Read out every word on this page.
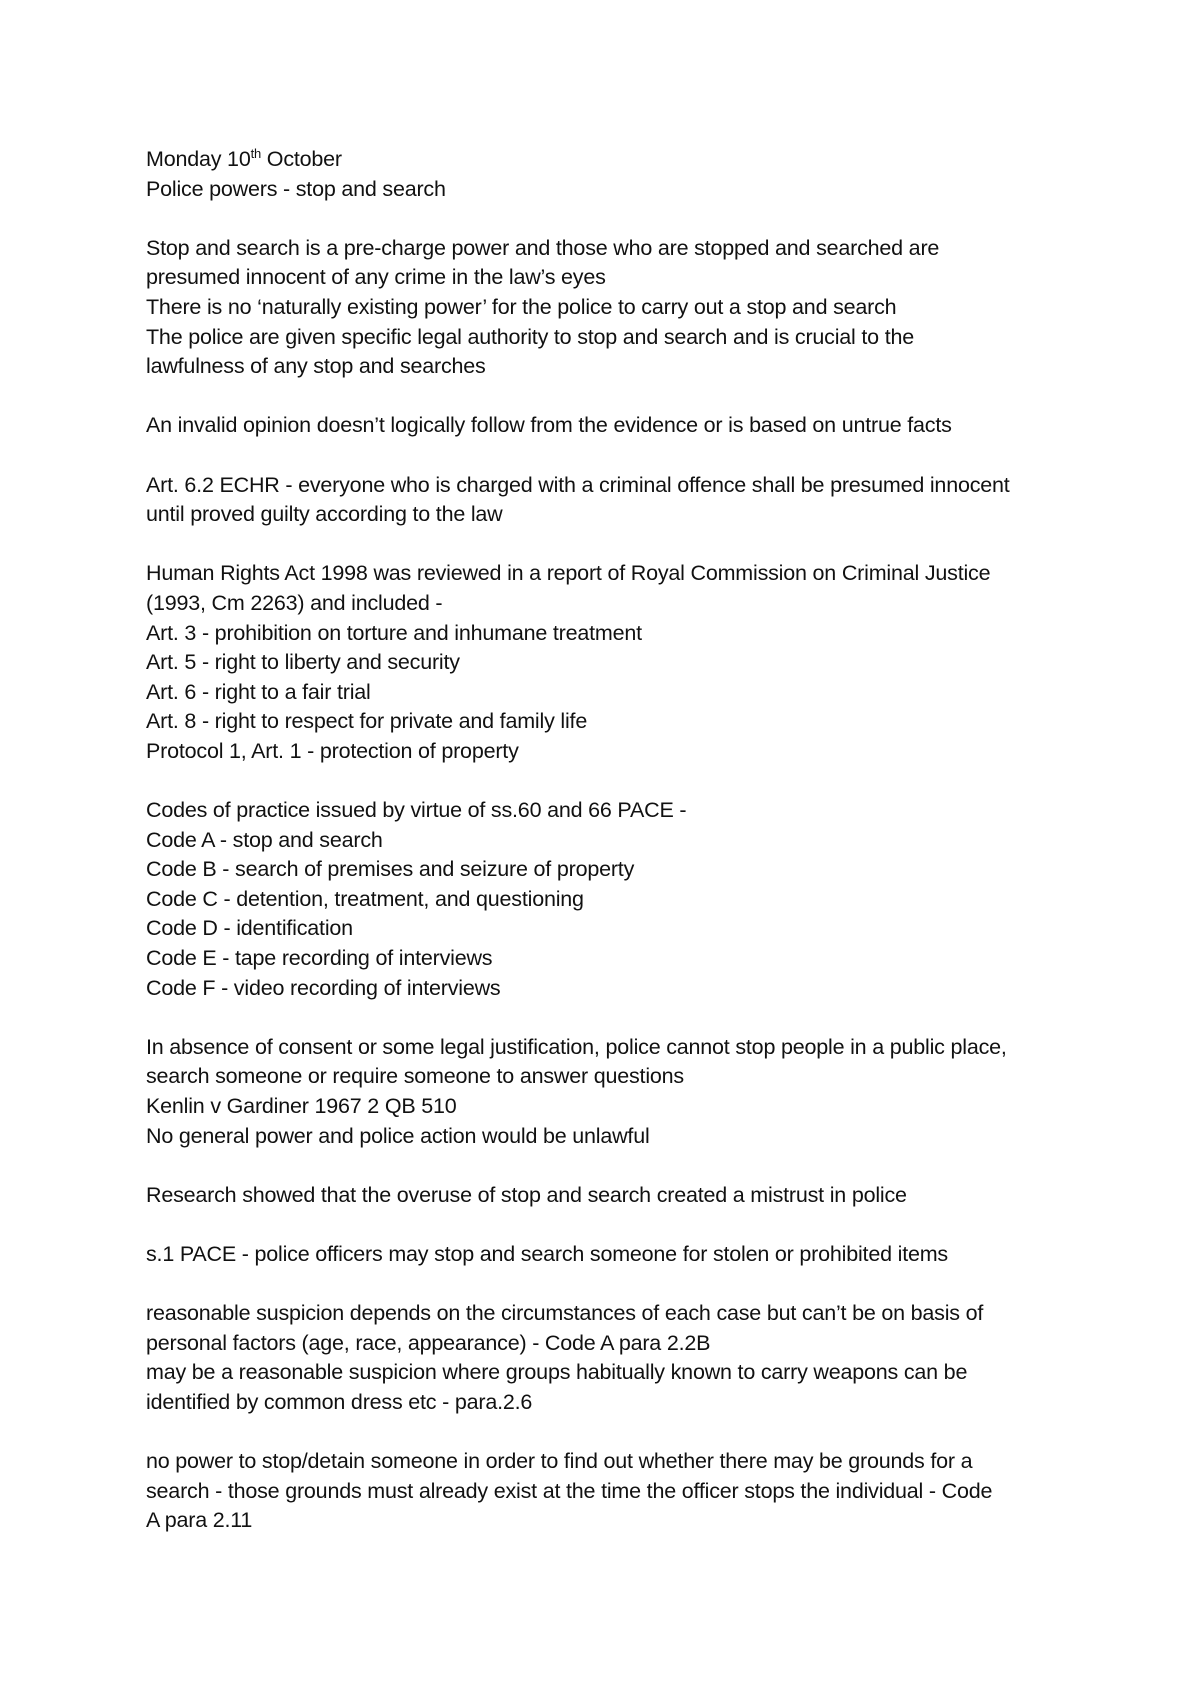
Monday 10th October
Police powers - stop and search
Stop and search is a pre-charge power and those who are stopped and searched are
presumed innocent of any crime in the law’s eyes
There is no ‘naturally existing power’ for the police to carry out a stop and search
The police are given specific legal authority to stop and search and is crucial to the
lawfulness of any stop and searches
An invalid opinion doesn’t logically follow from the evidence or is based on untrue facts
Art. 6.2 ECHR - everyone who is charged with a criminal offence shall be presumed innocent
until proved guilty according to the law
Human Rights Act 1998 was reviewed in a report of Royal Commission on Criminal Justice
(1993, Cm 2263) and included -
Art. 3 - prohibition on torture and inhumane treatment
Art. 5 - right to liberty and security
Art. 6 - right to a fair trial
Art. 8 - right to respect for private and family life
Protocol 1, Art. 1 - protection of property
Codes of practice issued by virtue of ss.60 and 66 PACE -
Code A - stop and search
Code B - search of premises and seizure of property
Code C - detention, treatment, and questioning
Code D - identification
Code E - tape recording of interviews
Code F - video recording of interviews
In absence of consent or some legal justification, police cannot stop people in a public place,
search someone or require someone to answer questions
Kenlin v Gardiner 1967 2 QB 510
No general power and police action would be unlawful
Research showed that the overuse of stop and search created a mistrust in police
s.1 PACE - police officers may stop and search someone for stolen or prohibited items
reasonable suspicion depends on the circumstances of each case but can’t be on basis of
personal factors (age, race, appearance) - Code A para 2.2B
may be a reasonable suspicion where groups habitually known to carry weapons can be
identified by common dress etc - para.2.6
no power to stop/detain someone in order to find out whether there may be grounds for a
search - those grounds must already exist at the time the officer stops the individual - Code
A para 2.11
